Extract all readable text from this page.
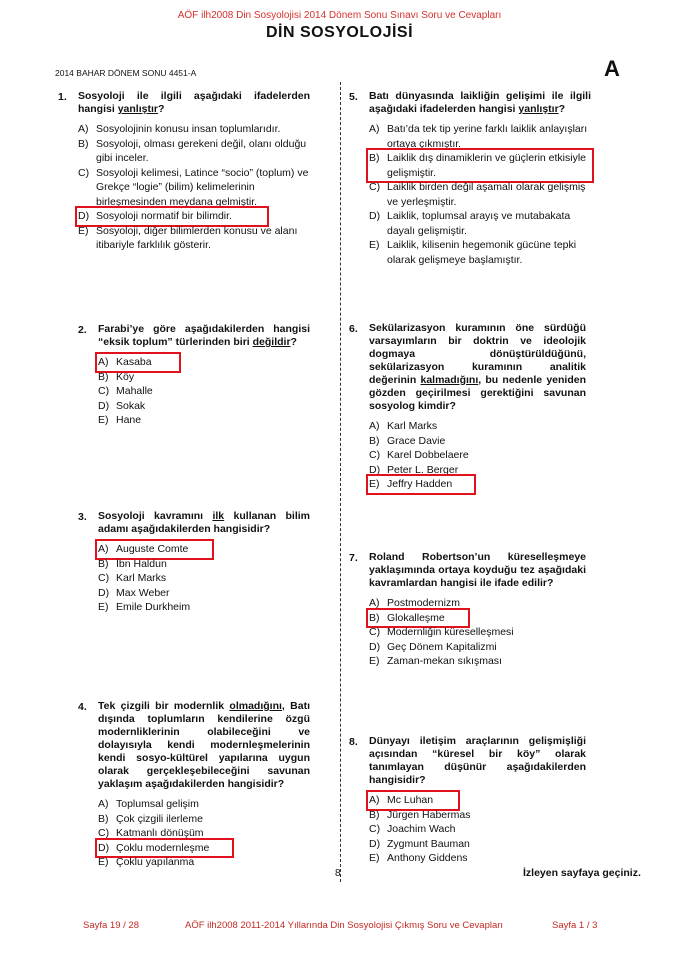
AÖF ilh2008 Din Sosyolojisi 2014 Dönem Sonu Sınavı Soru ve Cevapları
DİN SOSYOLOJİSİ
2014 BAHAR DÖNEM SONU 4451-A	A
1. Sosyoloji ile ilgili aşağıdaki ifadelerden hangisi yanlıştır?
A) Sosyolojinin konusu insan toplumlarıdır.
B) Sosyoloji, olması gerekeni değil, olanı olduğu gibi inceler.
C) Sosyoloji kelimesi, Latince “socio” (toplum) ve Grekçe “logie” (bilim) kelimelerinin birleşmesinden meydana gelmiştir.
D) Sosyoloji normatif bir bilimdir.
E) Sosyoloji, diğer bilimlerden konusu ve alanı itibariyle farklılık gösterir.
2. Farabi’ye göre aşağıdakilerden hangisi “eksik toplum” türlerinden biri değildir?
A) Kasaba
B) Köy
C) Mahalle
D) Sokak
E) Hane
3. Sosyoloji kavramını ilk kullanan bilim adamı aşağıdakilerden hangisidir?
A) Auguste Comte
B) İbn Haldun
C) Karl Marks
D) Max Weber
E) Emile Durkheim
4. Tek çizgili bir modernlik olmadığını, Batı dışında toplumların kendilerine özgü modernliklerinin olabileceğini ve dolayısıyla kendi modernleşmelerinin kendi sosyo-kültürel yapılarına uygun olarak gerçekleşebileceğini savunan yaklaşım aşağıdakilerden hangisidir?
A) Toplumsal gelişim
B) Çok çizgili ilerleme
C) Katmanlı dönüşüm
D) Çoklu modernleşme
E) Çoklu yapılanma
5. Batı dünyasında laikliğin gelişimi ile ilgili aşağıdaki ifadelerden hangisi yanlıştır?
A) Batı’da tek tip yerine farklı laiklik anlayışları ortaya çıkmıştır.
B) Laiklik dış dinamiklerin ve güçlerin etkisiyle gelişmiştir.
C) Laiklik birden değil aşamalı olarak gelişmiş ve yerleşmiştir.
D) Laiklik, toplumsal arayış ve mutabakata dayalı gelişmiştir.
E) Laiklik, kilisenin hegemonik gücüne tepki olarak gelişmeye başlamıştır.
6. Sekülarizasyon kuramının öne sürdüğü varsayımların bir doktrin ve ideolojik dogmaya dönüştürüldüğünü, sekülarizasyon kuramının analitik değerinin kalmadığını, bu nedenle yeniden gözden geçirilmesi gerektiğini savunan sosyolog kimdir?
A) Karl Marks
B) Grace Davie
C) Karel Dobbelaere
D) Peter L. Berger
E) Jeffry Hadden
7. Roland Robertson’un küreselleşmeye yaklaşımında ortaya koyduğu tez aşağıdaki kavramlardan hangisi ile ifade edilir?
A) Postmodernizm
B) Glokalleşme
C) Modernliğin küreselleşmesi
D) Geç Dönem Kapitalizmi
E) Zaman-mekan sıkışması
8. Dünyayı iletişim araçlarının gelişmişliği açısından “küresel bir köy” olarak tanımlayan düşünür aşağıdakilerden hangisidir?
A) Mc Luhan
B) Jürgen Habermas
C) Joachim Wach
D) Zygmunt Bauman
E) Anthony Giddens
8	İzleyen sayfaya geçiniz.
Sayfa 19 / 28	AÖF ilh2008 2011-2014 Yıllarında Din Sosyolojisi Çıkmış Soru ve Cevapları	Sayfa 1 / 3
